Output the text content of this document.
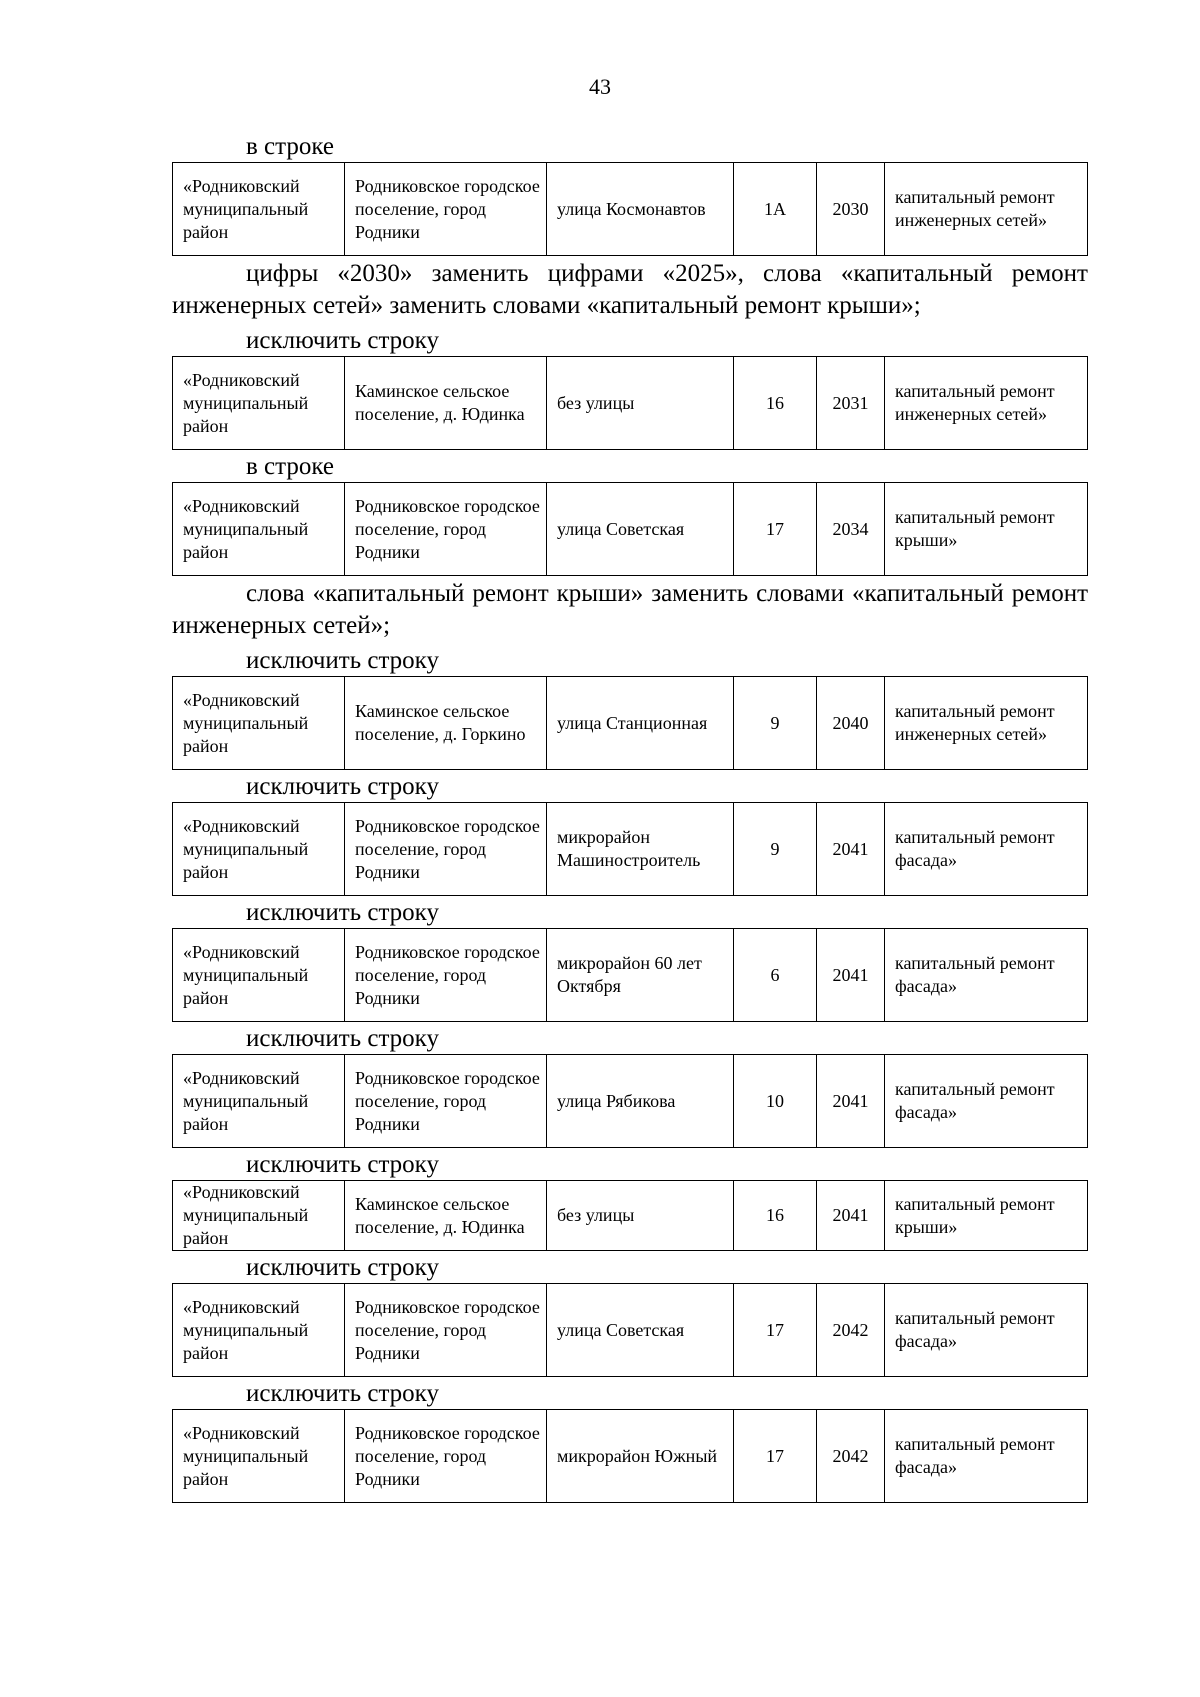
43
в строке
«Родниковский муниципальный район	Родниковское городское поселение, город Родники	улица Космонавтов	1А	2030	капитальный ремонт инженерных сетей»
цифры «2030» заменить цифрами «2025», слова «капитальный ремонт инженерных сетей» заменить словами «капитальный ремонт крыши»;
исключить строку
«Родниковский муниципальный район	Каминское сельское поселение, д. Юдинка	без улицы	16	2031	капитальный ремонт инженерных сетей»
в строке
«Родниковский муниципальный район	Родниковское городское поселение, город Родники	улица Советская	17	2034	капитальный ремонт крыши»
слова «капитальный ремонт крыши» заменить словами «капитальный ремонт инженерных сетей»;
исключить строку
«Родниковский муниципальный район	Каминское сельское поселение, д. Горкино	улица Станционная	9	2040	капитальный ремонт инженерных сетей»
исключить строку
«Родниковский муниципальный район	Родниковское городское поселение, город Родники	микрорайон Машиностроитель	9	2041	капитальный ремонт фасада»
исключить строку
«Родниковский муниципальный район	Родниковское городское поселение, город Родники	микрорайон 60 лет Октября	6	2041	капитальный ремонт фасада»
исключить строку
«Родниковский муниципальный район	Родниковское городское поселение, город Родники	улица Рябикова	10	2041	капитальный ремонт фасада»
исключить строку
«Родниковский муниципальный район	Каминское сельское поселение, д. Юдинка	без улицы	16	2041	капитальный ремонт крыши»
исключить строку
«Родниковский муниципальный район	Родниковское городское поселение, город Родники	улица Советская	17	2042	капитальный ремонт фасада»
исключить строку
«Родниковский муниципальный район	Родниковское городское поселение, город Родники	микрорайон Южный	17	2042	капитальный ремонт фасада»
